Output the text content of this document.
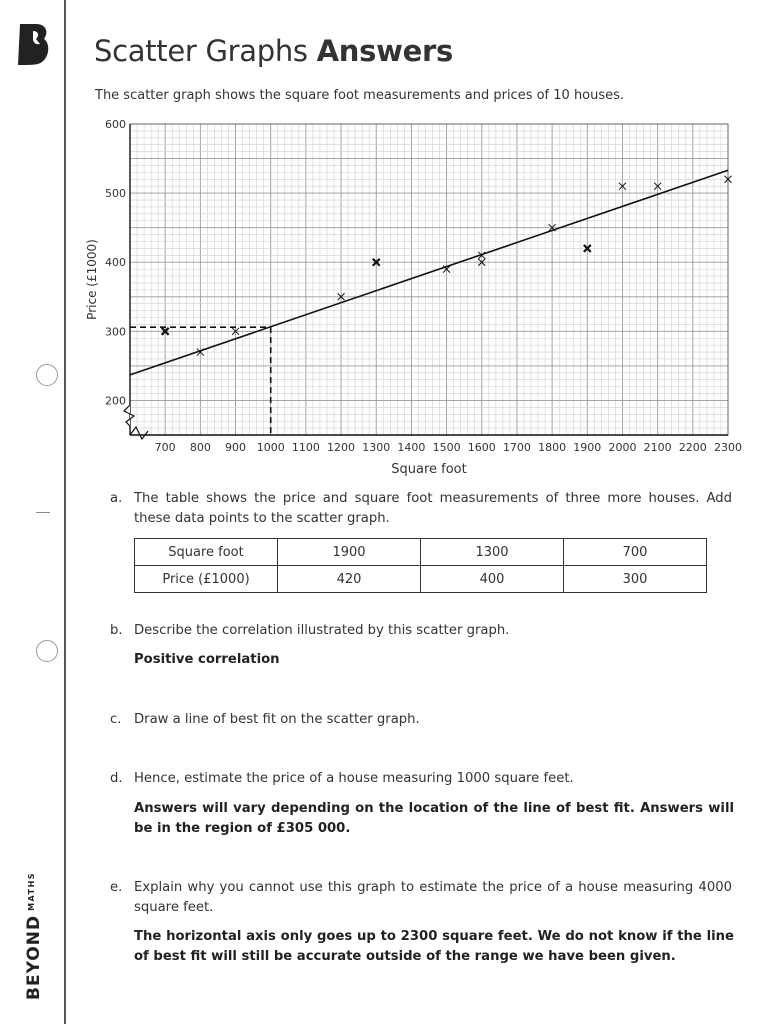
$BEYOND^{MATHS}$
Scatter Graphs Answers
The scatter graph shows the square foot measurements and prices of 10 houses.
700 800 900 1000 1100 1200 1300 1400 1500 1600 1700 1800 1900 2000 2100 2200 2300
200
300
400
500
600
Square foot
Price (£1000)
a. The table shows the price and square foot measurements of three more houses. Add these data points to the scatter graph.
Square foot	1900	1300	700
Price (£1000)	420	400	300
b. Describe the correlation illustrated by this scatter graph.
Positive correlation
c. Draw a line of best fit on the scatter graph.
d. Hence, estimate the price of a house measuring 1000 square feet.
Answers will vary depending on the location of the line of best fit. Answers will be in the region of £305 000.
e. Explain why you cannot use this graph to estimate the price of a house measuring 4000 square feet.
The horizontal axis only goes up to 2300 square feet. We do not know if the line of best fit will still be accurate outside of the range we have been given.
